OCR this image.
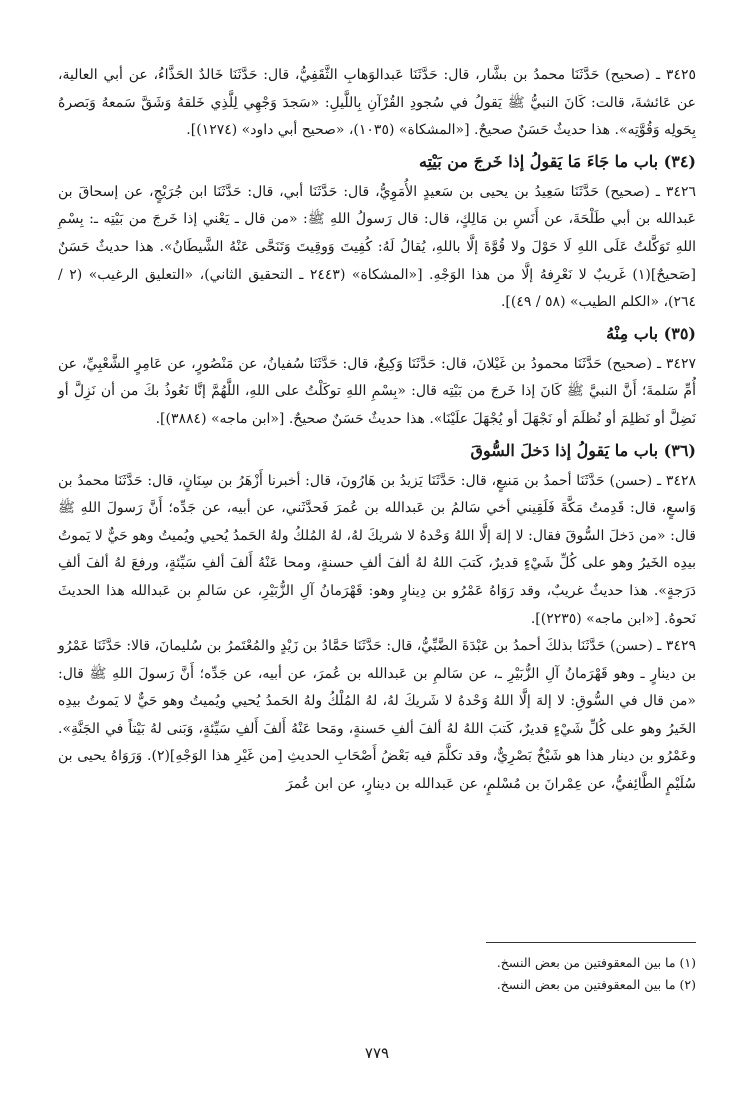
٣٤٢٥ ـ (صحيح) حَدَّثَنَا محمدُ بن بشَّار، قال: حَدَّثَنَا عَبدالوَهابِ الثَّقَفِيُّ، قال: حَدَّثَنَا خَالدٌ الحَذَّاءُ، عن أبي العالية، عن عَائشةَ، قالت: كَانَ النبيُّ ﷺ يَقولُ في سُجودِ القُرْآنِ بِاللَّيلِ: «سَجدَ وَجْهِي لِلَّذِي خَلقهُ وَشَقَّ سَمعهُ وَبَصرهُ بِحَولِه وَقُوَّتِه». هذا حديثٌ حَسَنٌ صحيحٌ. [«المشكاة» (١٠٣٥)، «صحيح أبي داود» (١٢٧٤)].

(٣٤) باب ما جَاءَ مَا يَقولُ إذا خَرجَ من بَيْتِه

٣٤٢٦ ـ (صحيح) حَدَّثَنَا سَعِيدُ بن يحيى بن سَعيدٍ الأُمَوِيُّ، قال: حَدَّثَنَا أبي، قال: حَدَّثَنَا ابن جُرَيْجٍ، عن إسحاقَ بن عَبدالله بن أبي طَلْحَةَ، عن أَنَسِ بن مَالِكٍ، قال: قال رَسولُ اللهِ ﷺ: «من قال ـ يَعْني إذا خَرجَ من بَيْتِه ـ: بِسْمِ اللهِ تَوَكَّلتُ عَلَى اللهِ لَا حَوْلَ ولا قُوَّةَ إلَّا باللهِ، يُقالُ لَهُ: كُفِيتَ وَوقِيتَ وَتَنَحَّى عَنْهُ الشَّيطَانُ». هذا حديثٌ حَسَنٌ [صَحيحٌ](١) غَريبٌ لا نَعْرِفهُ إلَّا من هذا الوَجْهِ. [«المشكاة» (٢٤٤٣ ـ التحقيق الثاني)، «التعليق الرغيب» (٢ / ٢٦٤)، «الكلم الطيب» (٥٨ / ٤٩)].

(٣٥) باب مِنْهُ

٣٤٢٧ ـ (صحيح) حَدَّثَنَا محمودُ بن غَيْلانَ، قال: حَدَّثَنَا وَكِيعٌ، قال: حَدَّثَنَا سُفيانُ، عن مَنْصُورٍ، عن عَامِرٍ الشَّعْبِيِّ، عن أُمِّ سَلمةَ؛ أَنَّ النبيَّ ﷺ كَانَ إذا خَرجَ من بَيْتِه قال: «بِسْمِ اللهِ توكَلْتُ على اللهِ، اللَّهُمَّ إنَّا نَعُوذُ بكَ من أن نَزِلَّ أو نَضِلَّ أو نَظلِمَ أو نُظلَمَ أو نَجْهَلَ أو يُجْهَلَ علَيْنَا». هذا حديثٌ حَسَنٌ صحيحٌ. [«ابن ماجه» (٣٨٨٤)].

(٣٦) باب ما يَقولُ إذا دَخلَ السُّوقَ

٣٤٢٨ ـ (حسن) حَدَّثَنَا أحمدُ بن مَنيعٍ، قال: حَدَّثَنَا يَزيدُ بن هَارُونَ، قال: أخبرنا أَزْهَرُ بن سِنَانٍ، قال: حَدَّثَنَا محمدُ بن وَاسعٍ، قال: قَدِمتُ مَكَّةَ فَلَقِيني أخي سَالمُ بن عَبدالله بن عُمرَ فَحدَّثَني، عن أبيه، عن جَدِّه؛ أَنَّ رَسولَ اللهِ ﷺ قال: «من دَخلَ السُّوقَ فقال: لا إلهَ إلَّا اللهُ وَحْدهُ لا شريكَ لهُ، لهُ المُلكُ ولهُ الحَمدُ يُحيي ويُميتُ وهو حَيٌّ لا يَموتُ بيدِه الخَيرُ وهو على كُلِّ شَيْءٍ قديرٌ، كَتبَ اللهُ لهُ ألفَ ألفِ حسنةٍ، ومحا عَنْهُ أَلفَ ألفِ سَيِّئةٍ، ورفعَ لهُ ألفَ ألفِ دَرَجةٍ». هذا حديثٌ غريبٌ، وقد رَوَاهُ عَمْرُو بن دِينارٍ وهو: قَهْرَمانُ آلِ الزُّبَيْرِ، عن سَالمِ بن عَبدالله هذا الحديثَ نَحوهُ. [«ابن ماجه» (٢٢٣٥)].

٣٤٢٩ ـ (حسن) حَدَّثَنَا بذلكَ أحمدُ بن عَبْدَةَ الضَّبِّيُّ، قال: حَدَّثَنَا حَمَّادُ بن زَيْدٍ والمُعْتَمرُ بن سُليمانَ، قالا: حَدَّثَنَا عَمْرُو بن دينارٍ ـ وهو قَهْرَمانُ آلِ الزُّبَيْرِ ـ، عن سَالمِ بن عَبدالله بن عُمرَ، عن أبيه، عن جَدِّه؛ أَنَّ رَسولَ اللهِ ﷺ قال: «من قال في السُّوقِ: لا إلهَ إلَّا اللهُ وَحْدهُ لا شَريكَ لهُ، لهُ المُلْكُ ولهُ الحَمدُ يُحيي ويُميتُ وهو حَيٌّ لا يَموتُ بيدِه الخَيرُ وهو على كُلِّ شَيْءٍ قديرٌ، كَتبَ اللهُ لهُ ألفَ ألفِ حَسنةٍ، ومَحا عَنْهُ أَلفَ أَلفِ سَيِّئةٍ، وَبَنى لهُ بَيْتاً في الجَنَّةِ». وعَمْرُو بن دينار هذا هو شَيْخٌ بَصْرِيٌّ، وقد تكلَّمَ فيه بَعْضُ أَصْحَابِ الحديثِ [من غَيْرِ هذا الوَجْهِ](٢). وَرَوَاهُ يحيى بن سُلَيْمٍ الطَّائِفيُّ، عن عِمْرانَ بن مُسْلمٍ، عن عَبدالله بن دينارٍ، عن ابن عُمرَ

(١) ما بين المعقوفتين من بعض النسخ.

(٢) ما بين المعقوفتين من بعض النسخ.

٧٧٩
